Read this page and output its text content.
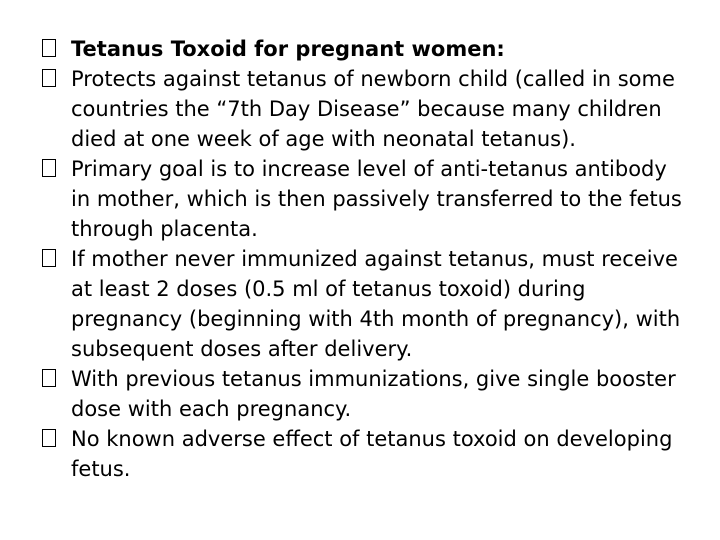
Tetanus Toxoid for pregnant women:

Protects against tetanus of newborn child (called in some countries the “7th Day Disease” because many children died at one week of age with neonatal tetanus).

Primary goal is to increase level of anti-tetanus antibody in mother, which is then passively transferred to the fetus through placenta.

If mother never immunized against tetanus, must receive at least 2 doses (0.5 ml of tetanus toxoid) during pregnancy (beginning with 4th month of pregnancy), with subsequent doses after delivery.

With previous tetanus immunizations, give single booster dose with each pregnancy.

No known adverse effect of tetanus toxoid on developing fetus.
